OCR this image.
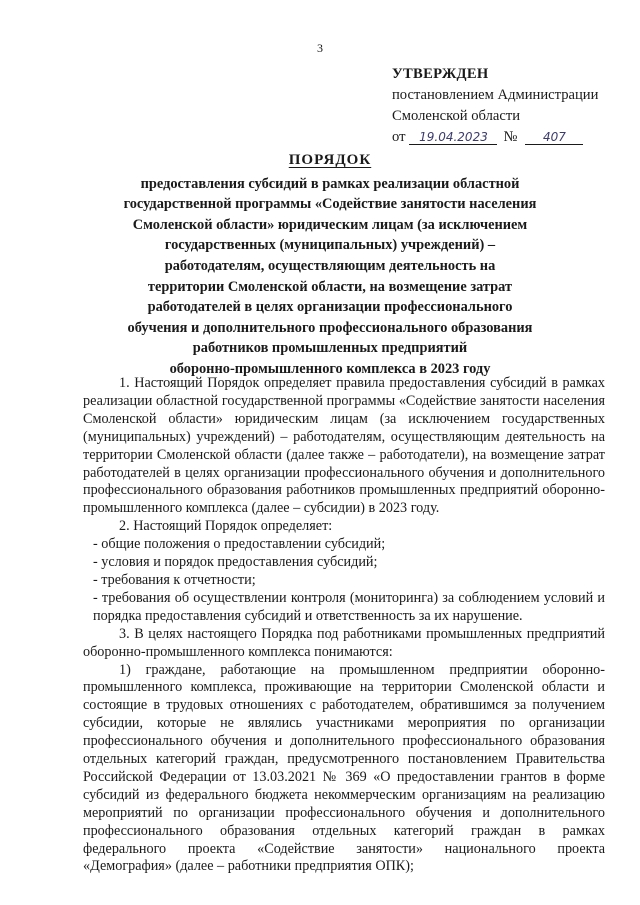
3
УТВЕРЖДЕН
постановлением Администрации
Смоленской области
от	19.04.2023	№	407
ПОРЯДОК
предоставления субсидий в рамках реализации областной
государственной программы «Содействие занятости населения
Смоленской области» юридическим лицам (за исключением
государственных (муниципальных) учреждений) –
работодателям, осуществляющим деятельность на
территории Смоленской области, на возмещение затрат
работодателей в целях организации профессионального
обучения и дополнительного профессионального образования
работников промышленных предприятий
оборонно-промышленного комплекса в 2023 году

1. Настоящий Порядок определяет правила предоставления субсидий в рамках реализации областной государственной программы «Содействие занятости населения Смоленской области» юридическим лицам (за исключением государственных (муниципальных) учреждений) – работодателям, осуществляющим деятельность на территории Смоленской области (далее также – работодатели), на возмещение затрат работодателей в целях организации профессионального обучения и дополнительного профессионального образования работников промышленных предприятий оборонно-промышленного комплекса (далее – субсидии) в 2023 году.

2. Настоящий Порядок определяет:

- общие положения о предоставлении субсидий;

- условия и порядок предоставления субсидий;

- требования к отчетности;

- требования об осуществлении контроля (мониторинга) за соблюдением условий и порядка предоставления субсидий и ответственность за их нарушение.

3. В целях настоящего Порядка под работниками промышленных предприятий оборонно-промышленного комплекса понимаются:

1) граждане, работающие на промышленном предприятии оборонно-промышленного комплекса, проживающие на территории Смоленской области и состоящие в трудовых отношениях с работодателем, обратившимся за получением субсидии, которые не являлись участниками мероприятия по организации профессионального обучения и дополнительного профессионального образования отдельных категорий граждан, предусмотренного постановлением Правительства Российской Федерации от 13.03.2021 № 369 «О предоставлении грантов в форме субсидий из федерального бюджета некоммерческим организациям на реализацию мероприятий по организации профессионального обучения и дополнительного профессионального образования отдельных категорий граждан в рамках федерального проекта «Содействие занятости» национального проекта «Демография» (далее – работники предприятия ОПК);
